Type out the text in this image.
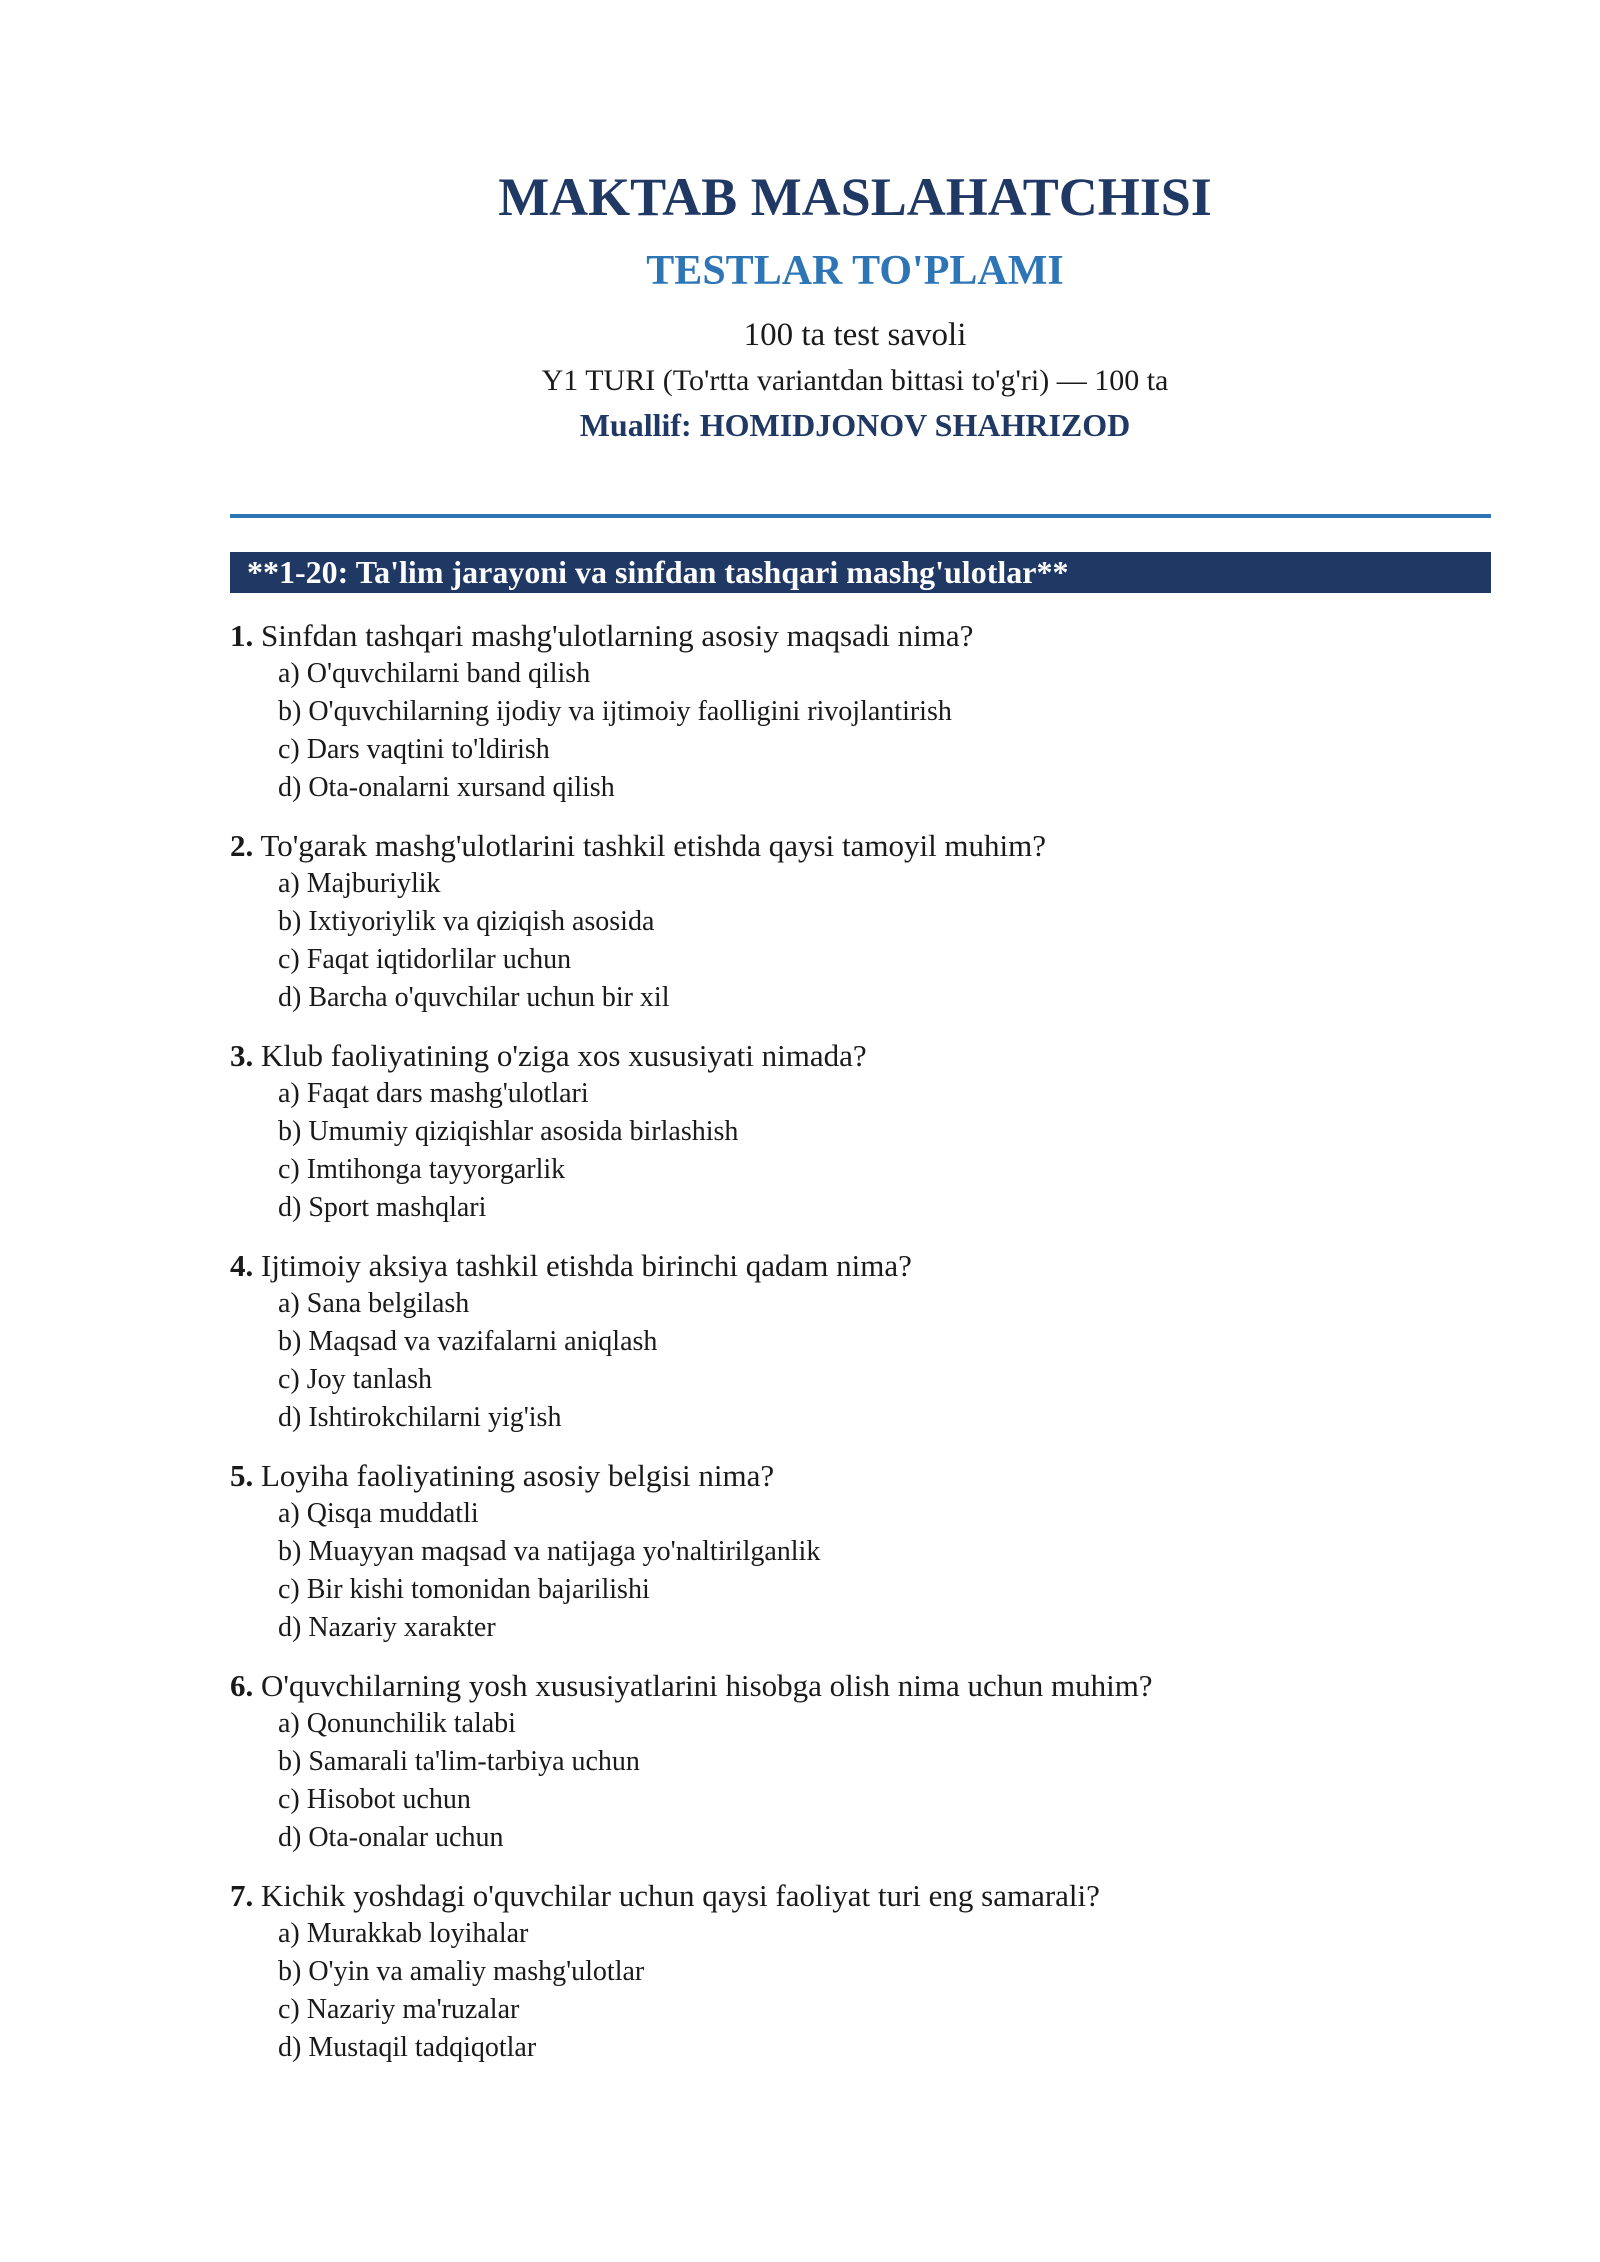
MAKTAB MASLAHATCHISI
TESTLAR TO'PLAMI
100 ta test savoli
Y1 TURI (To'rtta variantdan bittasi to'g'ri) — 100 ta
Muallif: HOMIDJONOV SHAHRIZOD
**1-20: Ta'lim jarayoni va sinfdan tashqari mashg'ulotlar**
1. Sinfdan tashqari mashg'ulotlarning asosiy maqsadi nima?
a) O'quvchilarni band qilish
b) O'quvchilarning ijodiy va ijtimoiy faolligini rivojlantirish
c) Dars vaqtini to'ldirish
d) Ota-onalarni xursand qilish
2. To'garak mashg'ulotlarini tashkil etishda qaysi tamoyil muhim?
a) Majburiylik
b) Ixtiyoriylik va qiziqish asosida
c) Faqat iqtidorlilar uchun
d) Barcha o'quvchilar uchun bir xil
3. Klub faoliyatining o'ziga xos xususiyati nimada?
a) Faqat dars mashg'ulotlari
b) Umumiy qiziqishlar asosida birlashish
c) Imtihonga tayyorgarlik
d) Sport mashqlari
4. Ijtimoiy aksiya tashkil etishda birinchi qadam nima?
a) Sana belgilash
b) Maqsad va vazifalarni aniqlash
c) Joy tanlash
d) Ishtirokchilarni yig'ish
5. Loyiha faoliyatining asosiy belgisi nima?
a) Qisqa muddatli
b) Muayyan maqsad va natijaga yo'naltirilganlik
c) Bir kishi tomonidan bajarilishi
d) Nazariy xarakter
6. O'quvchilarning yosh xususiyatlarini hisobga olish nima uchun muhim?
a) Qonunchilik talabi
b) Samarali ta'lim-tarbiya uchun
c) Hisobot uchun
d) Ota-onalar uchun
7. Kichik yoshdagi o'quvchilar uchun qaysi faoliyat turi eng samarali?
a) Murakkab loyihalar
b) O'yin va amaliy mashg'ulotlar
c) Nazariy ma'ruzalar
d) Mustaqil tadqiqotlar
